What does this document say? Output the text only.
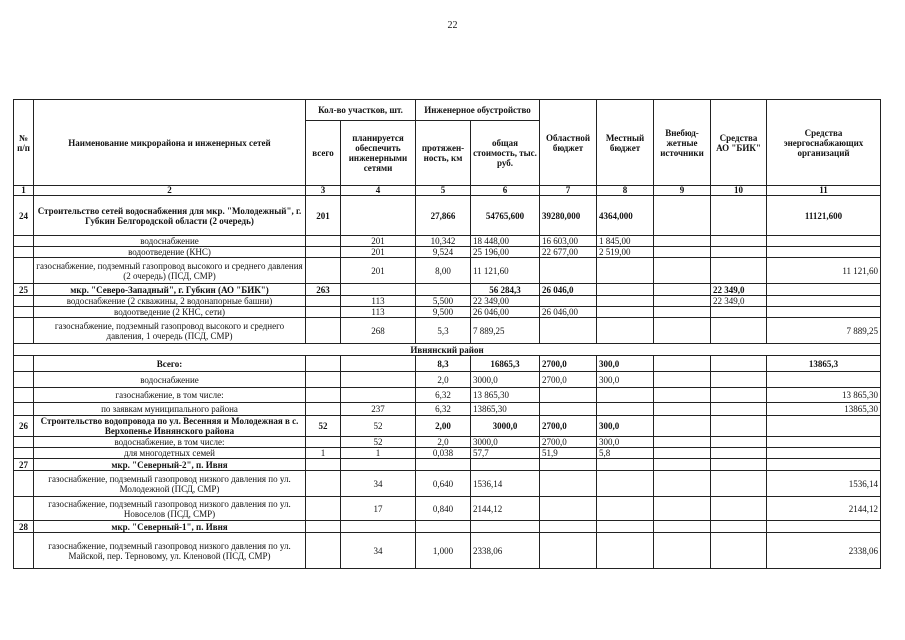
22
№ п/п	Наименование микрорайона и инженерных сетей	Кол-во участков, шт.		Инженерное обустройство		Областной бюджет	Местный бюджет	Внебюд-жетные источники	Средства АО "БИК"	Средства энергоснабжающих организаций
		всего	планируется обеспечить инженерными сетями	протяжен-ность, км	общая стоимость, тыс. руб.					
1	2	3	4	5	6	7	8	9	10	11
24	Строительство сетей водоснабжения для мкр. "Молодежный", г. Губкин Белгородской области (2 очередь)	201		27,866	54765,600	39280,000	4364,000			11121,600
	водоснабжение		201	10,342	18 448,00	16 603,00	1 845,00			
	водоотведение (КНС)		201	9,524	25 196,00	22 677,00	2 519,00			
	газоснабжение, подземный газопровод высокого и среднего давления (2 очередь) (ПСД, СМР)		201	8,00	11 121,60					11 121,60
25	мкр. "Северо-Западный", г. Губкин (АО "БИК")	263			56 284,3	26 046,0			22 349,0	
	водоснабжение (2 скважины, 2 водонапорные башни)		113	5,500	22 349,00				22 349,0	
	водоотведение (2 КНС, сети)		113	9,500	26 046,00	26 046,00				
	газоснабжение, подземный газопровод высокого и среднего давления, 1 очередь (ПСД, СМР)		268	5,3	7 889,25					7 889,25
Ивнянский район										
	Всего:			8,3	16865,3	2700,0	300,0			13865,3
	водоснабжение			2,0	3000,0	2700,0	300,0			
	газоснабжение, в том числе:			6,32	13 865,30					13 865,30
	по заявкам муниципального района		237	6,32	13865,30					13865,30
26	Строительство водопровода по ул. Весенняя и Молодежная в с. Верхопенье Ивнянского района	52	52	2,00	3000,0	2700,0	300,0			
	водоснабжение, в том числе:		52	2,0	3000,0	2700,0	300,0			
	для многодетных семей	1	1	0,038	57,7	51,9	5,8			
27	мкр. "Северный-2", п. Ивня									
	газоснабжение, подземный газопровод низкого давления по ул. Молодежной (ПСД, СМР)		34	0,640	1536,14					1536,14
	газоснабжение, подземный газопровод низкого давления по ул. Новоселов (ПСД, СМР)		17	0,840	2144,12					2144,12
28	мкр. "Северный-1", п. Ивня									
	газоснабжение, подземный газопровод низкого давления по ул. Майской, пер. Терновому, ул. Кленовой (ПСД, СМР)		34	1,000	2338,06					2338,06
